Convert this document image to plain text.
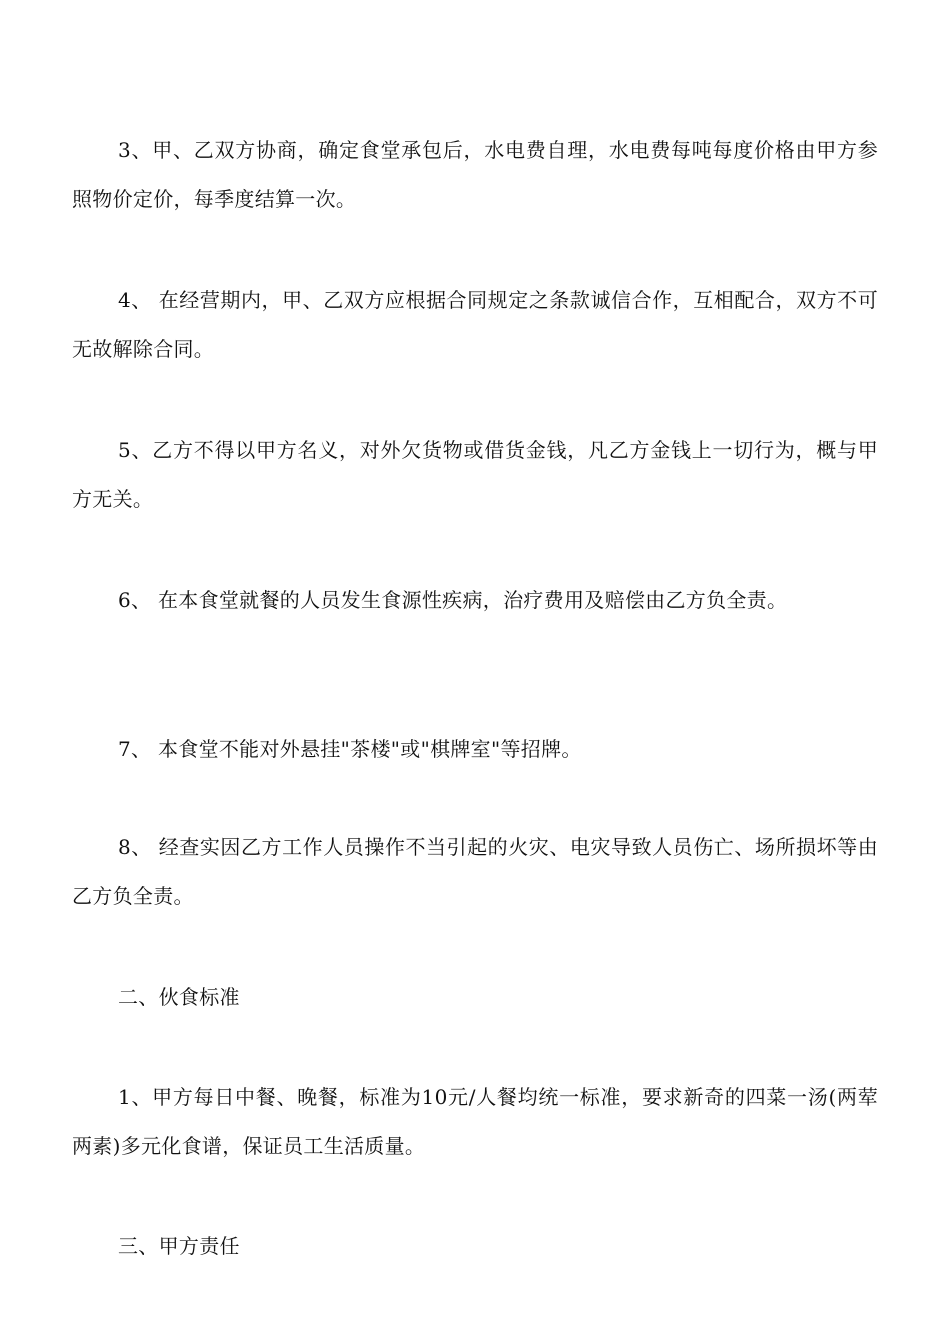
3、甲、乙双方协商，确定食堂承包后，水电费自理，水电费每吨每度价格由甲方参照物价定价，每季度结算一次。

4、 在经营期内，甲、乙双方应根据合同规定之条款诚信合作，互相配合，双方不可无故解除合同。

5、乙方不得以甲方名义，对外欠货物或借货金钱，凡乙方金钱上一切行为，概与甲方无关。

6、 在本食堂就餐的人员发生食源性疾病，治疗费用及赔偿由乙方负全责。

7、 本食堂不能对外悬挂"茶楼"或"棋牌室"等招牌。

8、 经查实因乙方工作人员操作不当引起的火灾、电灾导致人员伤亡、场所损坏等由乙方负全责。

二、伙食标准

1、甲方每日中餐、晚餐，标准为10元/人餐均统一标准，要求新奇的四菜一汤(两荤两素)多元化食谱，保证员工生活质量。

三、甲方责任
